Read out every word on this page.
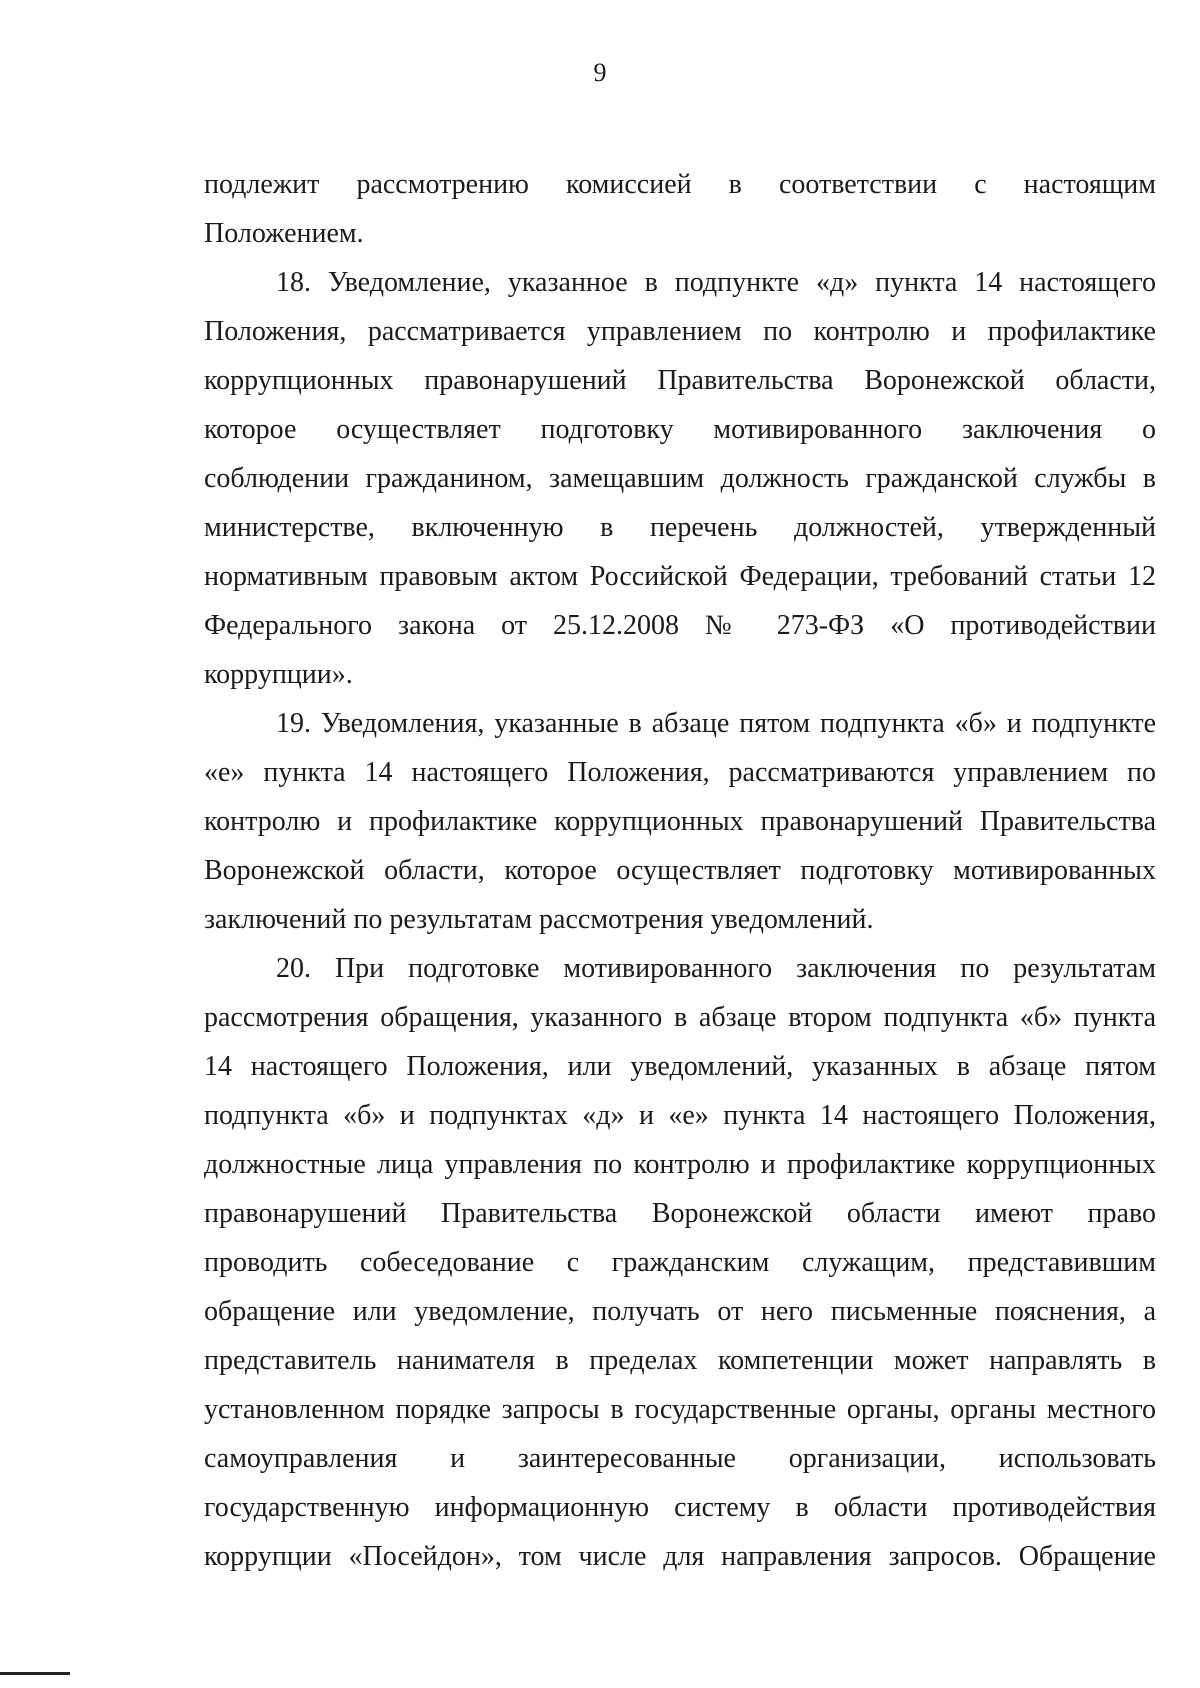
9
подлежит рассмотрению комиссией в соответствии с настоящим
Положением.
18. Уведомление, указанное в подпункте «д» пункта 14 настоящего
Положения, рассматривается управлением по контролю и профилактике
коррупционных правонарушений Правительства Воронежской области,
которое осуществляет подготовку мотивированного заключения о
соблюдении гражданином, замещавшим должность гражданской службы в
министерстве, включенную в перечень должностей, утвержденный
нормативным правовым актом Российской Федерации, требований статьи 12
Федерального закона от 25.12.2008 № 273-ФЗ «О противодействии
коррупции».
19. Уведомления, указанные в абзаце пятом подпункта «б» и подпункте
«е» пункта 14 настоящего Положения, рассматриваются управлением по
контролю и профилактике коррупционных правонарушений Правительства
Воронежской области, которое осуществляет подготовку мотивированных
заключений по результатам рассмотрения уведомлений.
20. При подготовке мотивированного заключения по результатам
рассмотрения обращения, указанного в абзаце втором подпункта «б» пункта
14 настоящего Положения, или уведомлений, указанных в абзаце пятом
подпункта «б» и подпунктах «д» и «е» пункта 14 настоящего Положения,
должностные лица управления по контролю и профилактике коррупционных
правонарушений Правительства Воронежской области имеют право
проводить собеседование с гражданским служащим, представившим
обращение или уведомление, получать от него письменные пояснения, а
представитель нанимателя в пределах компетенции может направлять в
установленном порядке запросы в государственные органы, органы местного
самоуправления и заинтересованные организации, использовать
государственную информационную систему в области противодействия
коррупции «Посейдон», том числе для направления запросов. Обращение
